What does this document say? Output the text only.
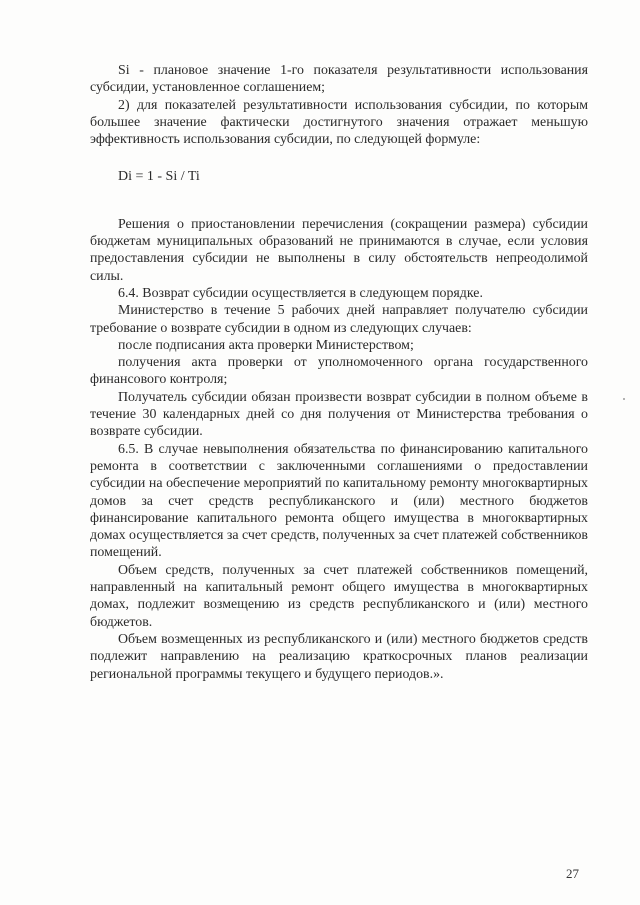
Si - плановое значение 1-го показателя результативности использования субсидии, установленное соглашением;

2) для показателей результативности использования субсидии, по которым большее значение фактически достигнутого значения отражает меньшую эффективность использования субсидии, по следующей формуле:

Di = 1 - Si / Ti

Решения о приостановлении перечисления (сокращении размера) субсидии бюджетам муниципальных образований не принимаются в случае, если условия предоставления субсидии не выполнены в силу обстоятельств непреодолимой силы.

6.4. Возврат субсидии осуществляется в следующем порядке.

Министерство в течение 5 рабочих дней направляет получателю субсидии требование о возврате субсидии в одном из следующих случаев:

после подписания акта проверки Министерством;

получения акта проверки от уполномоченного органа государственного финансового контроля;

Получатель субсидии обязан произвести возврат субсидии в полном объеме в течение 30 календарных дней со дня получения от Министерства требования о возврате субсидии.

6.5. В случае невыполнения обязательства по финансированию капитального ремонта в соответствии с заключенными соглашениями о предоставлении субсидии на обеспечение мероприятий по капитальному ремонту многоквартирных домов за счет средств республиканского и (или) местного бюджетов финансирование капитального ремонта общего имущества в многоквартирных домах осуществляется за счет средств, полученных за счет платежей собственников помещений.

Объем средств, полученных за счет платежей собственников помещений, направленный на капитальный ремонт общего имущества в многоквартирных домах, подлежит возмещению из средств республиканского и (или) местного бюджетов.

Объем возмещенных из республиканского и (или) местного бюджетов средств подлежит направлению на реализацию краткосрочных планов реализации региональной программы текущего и будущего периодов.».

27
